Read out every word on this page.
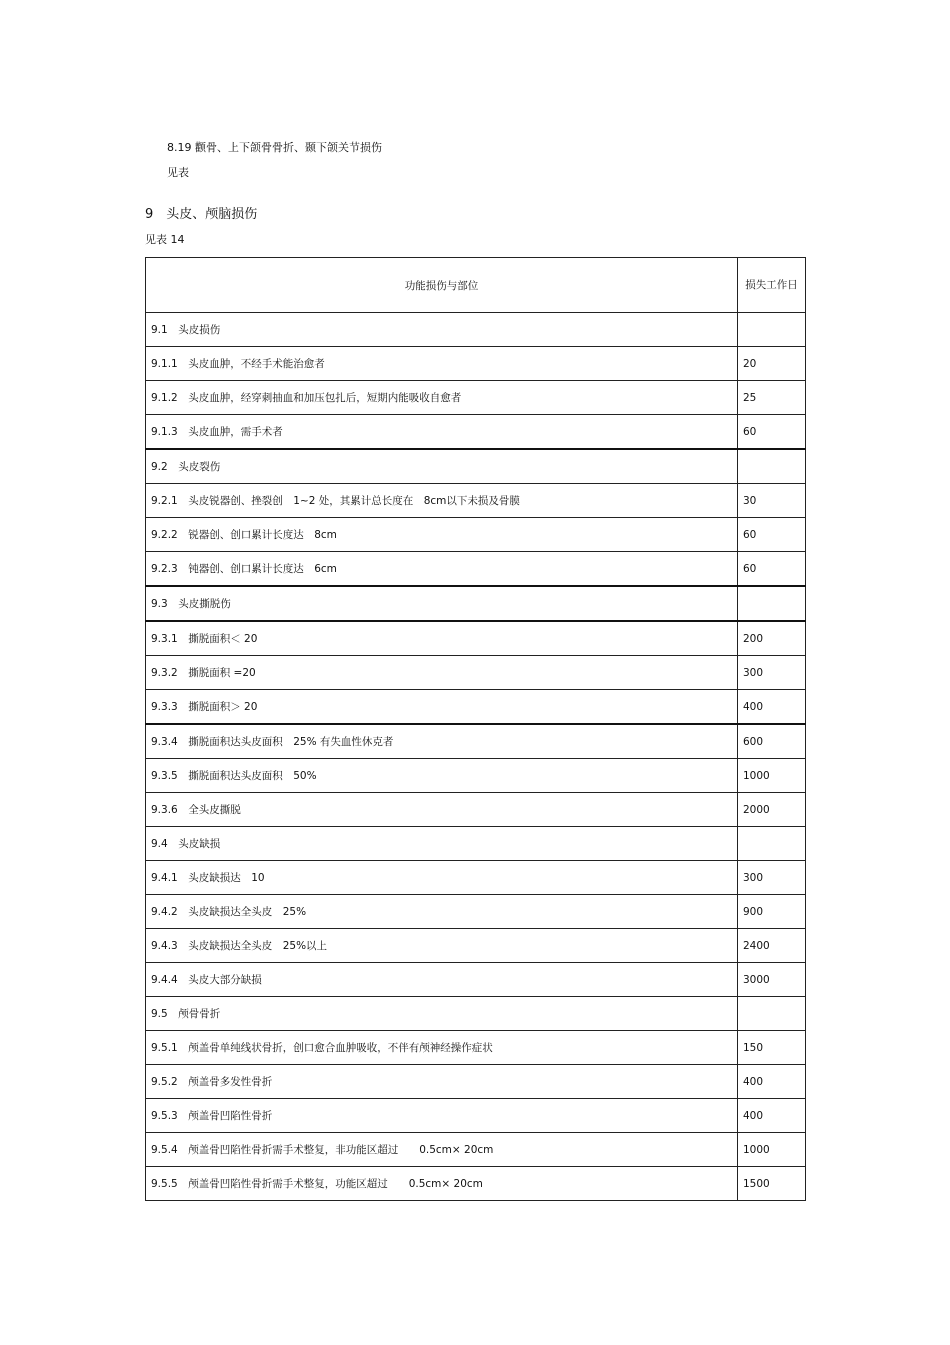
8.19 颧骨、上下颌骨骨折、颞下颌关节损伤
见表
9　头皮、颅脑损伤
见表 14
功能损伤与部位	损失工作日
9.1　头皮损伤	
9.1.1　头皮血肿，不经手术能治愈者	20
9.1.2　头皮血肿，经穿刺抽血和加压包扎后，短期内能吸收自愈者	25
9.1.3　头皮血肿，需手术者	60
9.2　头皮裂伤	
9.2.1　头皮锐器创、挫裂创　1~2 处，其累计总长度在　8cm以下未损及骨膜	30
9.2.2　锐器创、创口累计长度达　8cm	60
9.2.3　钝器创、创口累计长度达　6cm	60
9.3　头皮撕脱伤	
9.3.1　撕脱面积＜ 20	200
9.3.2　撕脱面积 =20	300
9.3.3　撕脱面积＞ 20	400
9.3.4　撕脱面积达头皮面积　25% 有失血性休克者	600
9.3.5　撕脱面积达头皮面积　50%	1000
9.3.6　全头皮撕脱	2000
9.4　头皮缺损	
9.4.1　头皮缺损达　10	300
9.4.2　头皮缺损达全头皮　25%	900
9.4.3　头皮缺损达全头皮　25%以上	2400
9.4.4　头皮大部分缺损	3000
9.5　颅骨骨折	
9.5.1　颅盖骨单纯线状骨折，创口愈合血肿吸收，不伴有颅神经操作症状	150
9.5.2　颅盖骨多发性骨折	400
9.5.3　颅盖骨凹陷性骨折	400
9.5.4　颅盖骨凹陷性骨折需手术整复，非功能区超过　　0.5cm× 20cm	1000
9.5.5　颅盖骨凹陷性骨折需手术整复，功能区超过　　0.5cm× 20cm	1500
